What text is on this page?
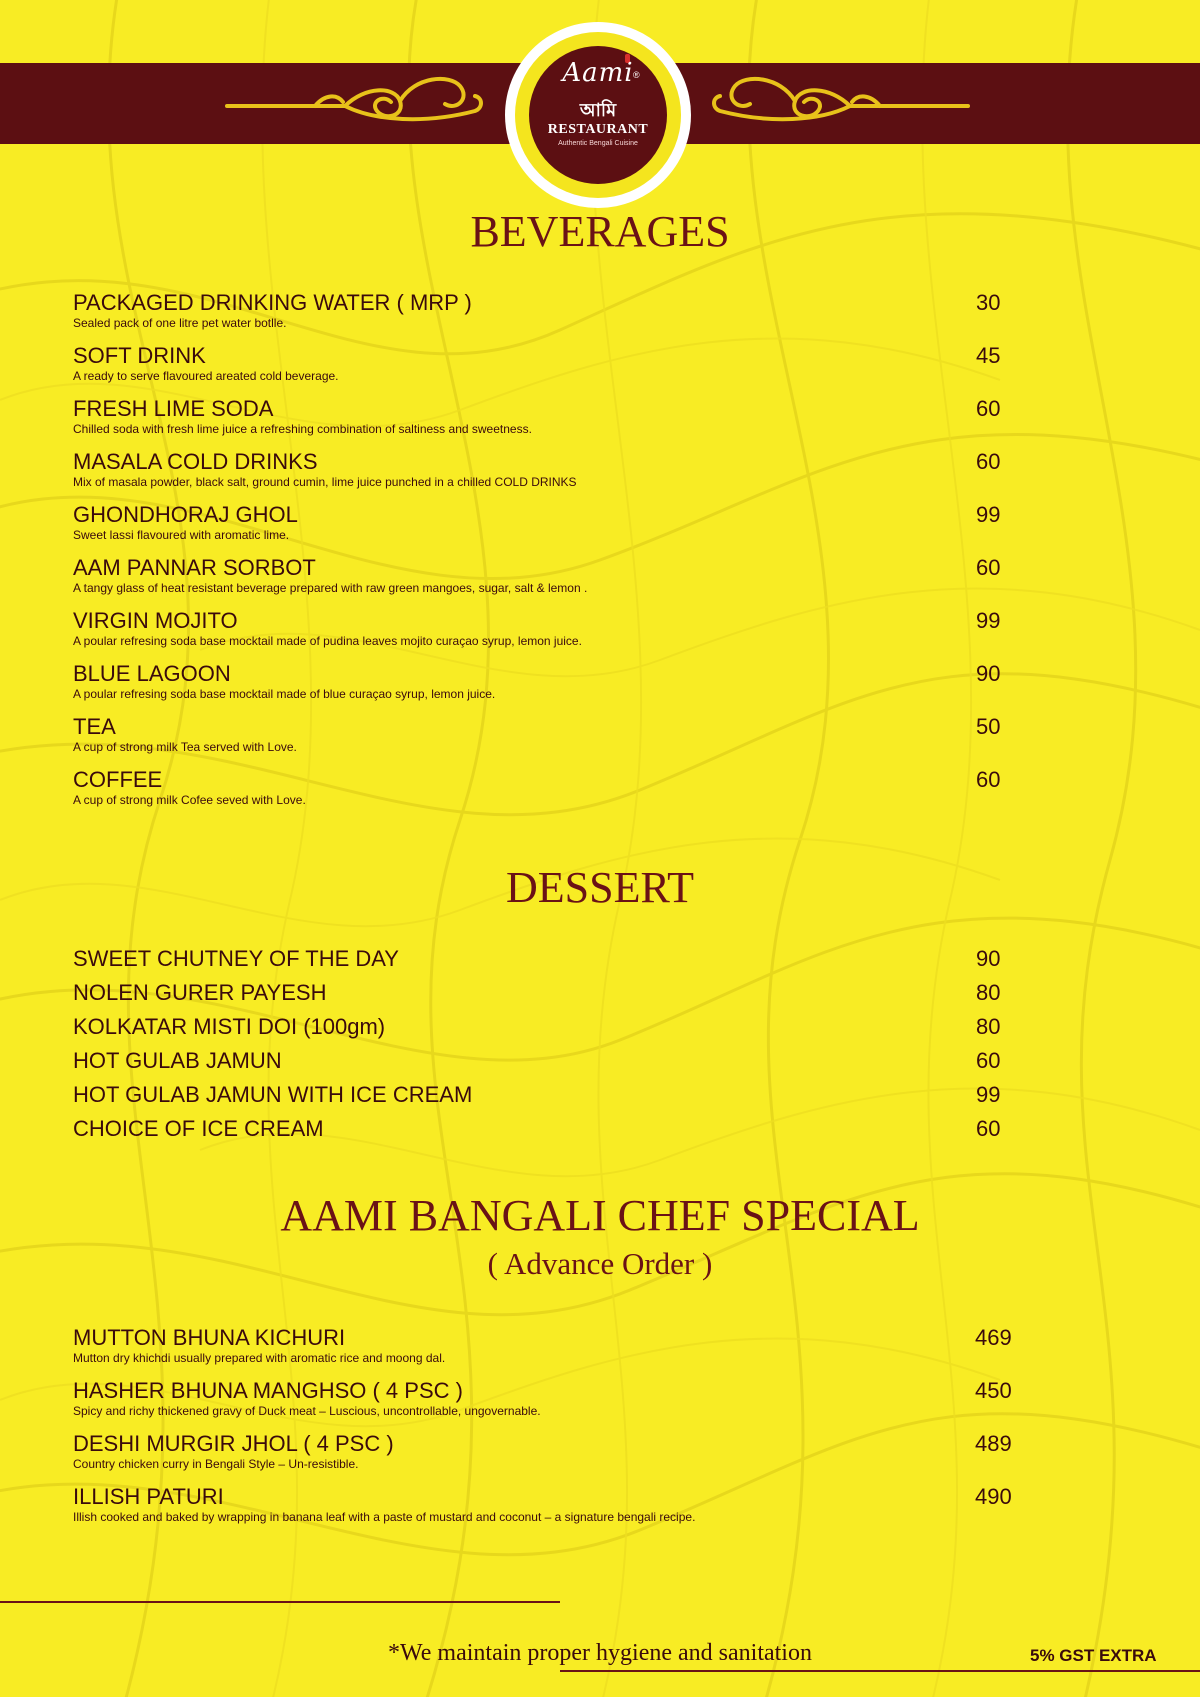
Aami ®
আমি
RESTAURANT
Authentic Bengali Cuisine
BEVERAGES
PACKAGED DRINKING WATER ( MRP )
Sealed pack of one litre pet water botlle.
30
SOFT DRINK
A ready to serve flavoured areated cold beverage.
45
FRESH LIME SODA
Chilled soda with fresh lime juice a refreshing combination of saltiness and sweetness.
60
MASALA COLD DRINKS
Mix of masala powder, black salt, ground cumin, lime juice punched in a chilled COLD DRINKS
60
GHONDHORAJ GHOL
Sweet lassi flavoured with aromatic lime.
99
AAM PANNAR SORBOT
A tangy glass of heat resistant beverage prepared with raw green mangoes, sugar, salt & lemon .
60
VIRGIN MOJITO
A poular refresing soda base mocktail made of pudina leaves mojito curaçao syrup, lemon juice.
99
BLUE LAGOON
A poular refresing soda base mocktail made of blue curaçao syrup, lemon juice.
90
TEA
A cup of strong milk Tea served with Love.
50
COFFEE
A cup of strong milk Cofee seved with Love.
60
DESSERT
SWEET CHUTNEY OF THE DAY	90
NOLEN GURER PAYESH	80
KOLKATAR MISTI DOI (100gm)	80
HOT GULAB JAMUN	60
HOT GULAB JAMUN WITH ICE CREAM	99
CHOICE OF ICE CREAM	60
AAMI BANGALI CHEF SPECIAL
( Advance Order )
MUTTON BHUNA KICHURI
Mutton dry khichdi usually prepared with aromatic rice and moong dal.
469
HASHER BHUNA MANGHSO ( 4 PSC )
Spicy and richy thickened gravy of Duck meat – Luscious, uncontrollable, ungovernable.
450
DESHI MURGIR JHOL ( 4 PSC )
Country chicken curry in Bengali Style – Un-resistible.
489
ILLISH PATURI
Illish cooked and baked by wrapping in banana leaf with a paste of mustard and coconut – a signature bengali recipe.
490
*We maintain proper hygiene and sanitation	5% GST EXTRA
